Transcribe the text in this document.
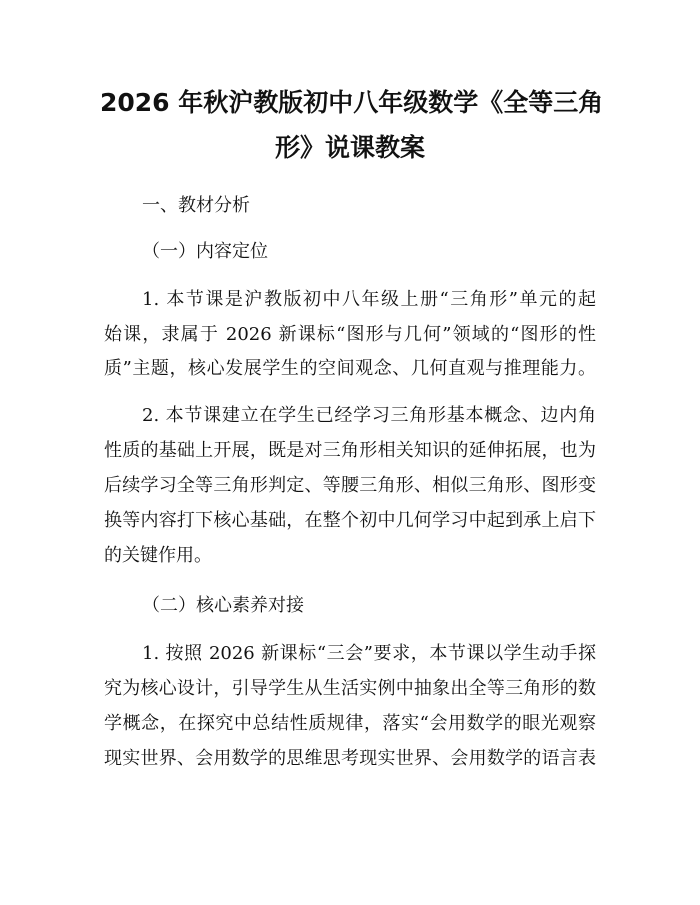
2026 年秋沪教版初中八年级数学《全等三角
形》说课教案
一、教材分析
（一）内容定位
1. 本节课是沪教版初中八年级上册“三角形”单元的起
始课，隶属于 2026 新课标“图形与几何”领域的“图形的性
质”主题，核心发展学生的空间观念、几何直观与推理能力。
2. 本节课建立在学生已经学习三角形基本概念、边内角
性质的基础上开展，既是对三角形相关知识的延伸拓展，也为
后续学习全等三角形判定、等腰三角形、相似三角形、图形变
换等内容打下核心基础，在整个初中几何学习中起到承上启下
的关键作用。
（二）核心素养对接
1. 按照 2026 新课标“三会”要求，本节课以学生动手探
究为核心设计，引导学生从生活实例中抽象出全等三角形的数
学概念，在探究中总结性质规律，落实“会用数学的眼光观察
现实世界、会用数学的思维思考现实世界、会用数学的语言表
